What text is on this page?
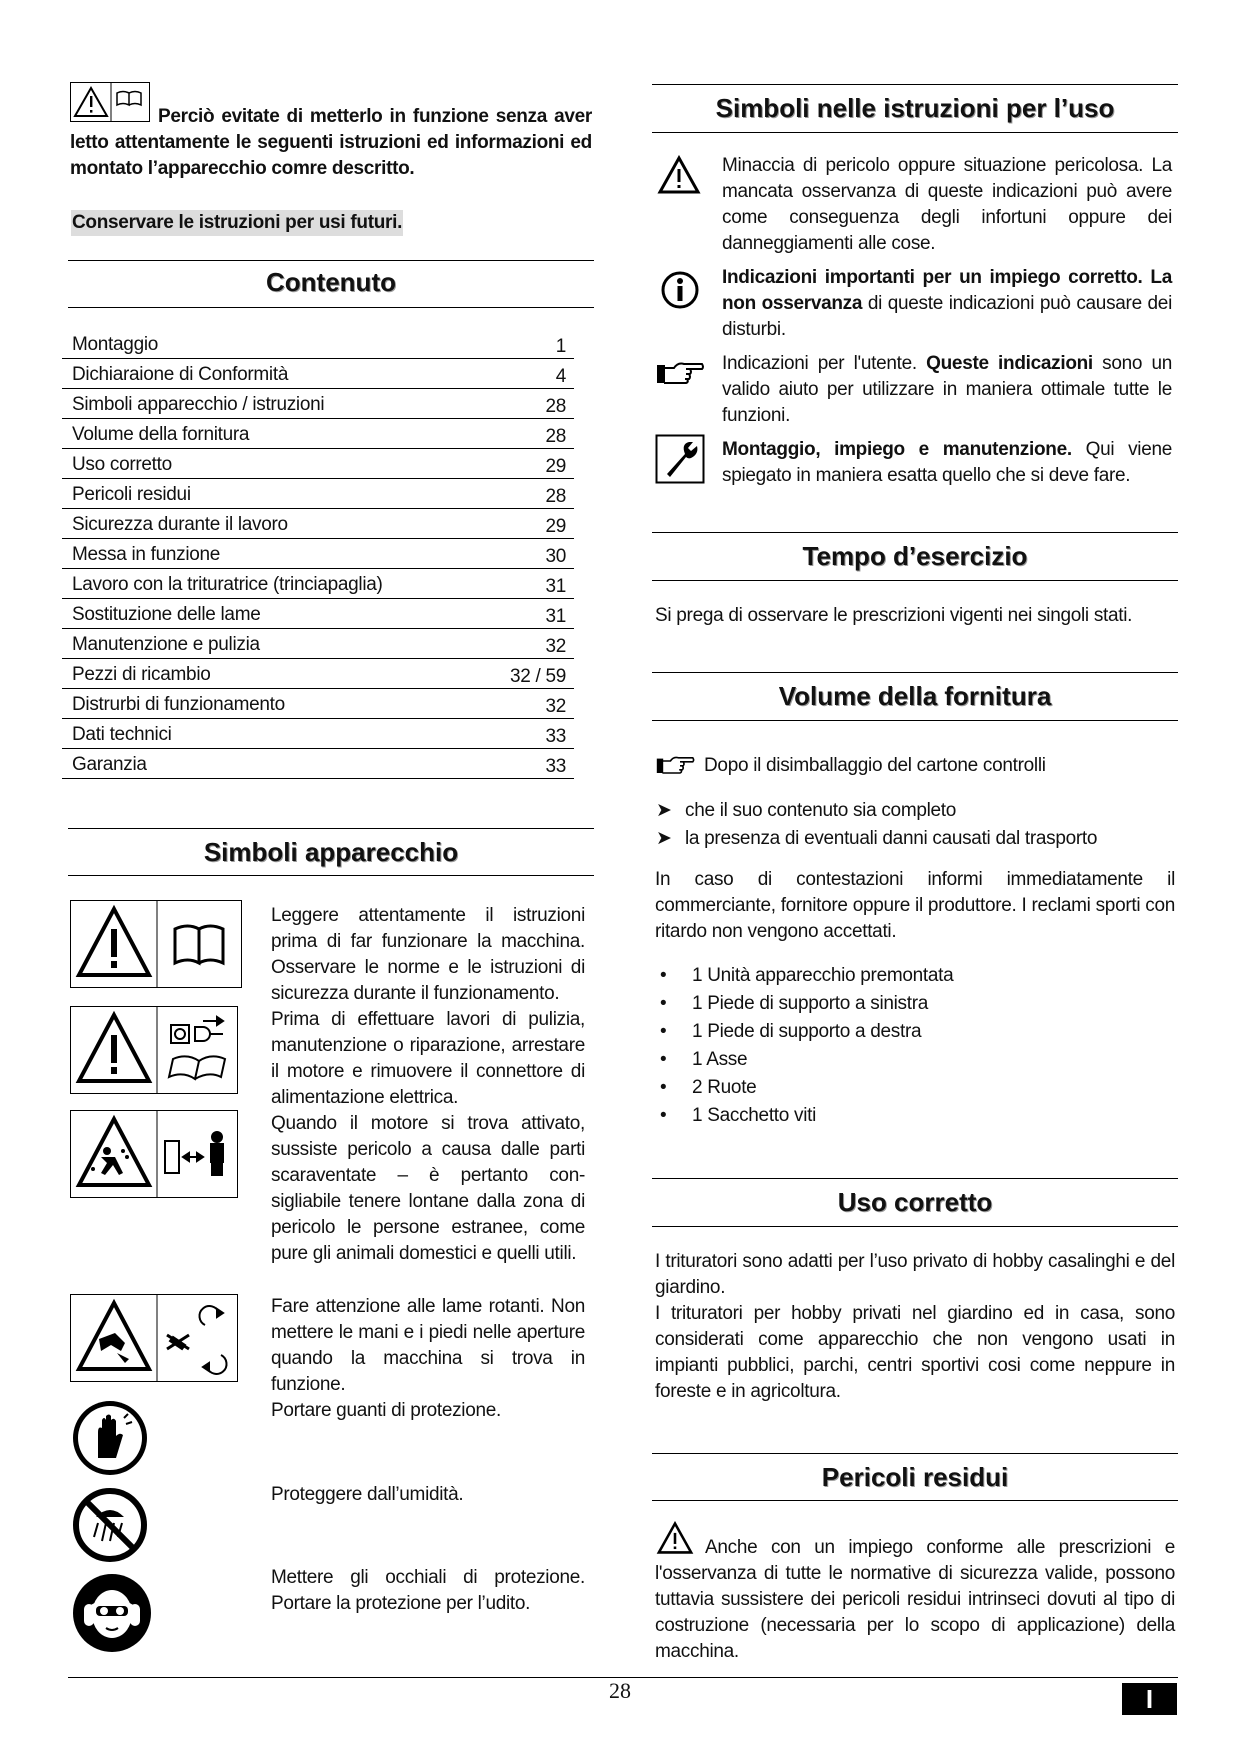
Perciò evitate di metterlo in funzione senza aver letto attentamente le seguenti istruzioni ed informazioni ed montato l’apparecchio comre descritto.
Conservare le istruzioni per usi futuri.
Contenuto
Montaggio	1
Dichiaraione di Conformità	4
Simboli apparecchio / istruzioni	28
Volume della fornitura	28
Uso corretto	29
Pericoli residui	28
Sicurezza durante il lavoro	29
Messa in funzione	30
Lavoro con la trituratrice (trinciapaglia)	31
Sostituzione delle lame	31
Manutenzione e pulizia	32
Pezzi di ricambio	32 / 59
Distrurbi di funzionamento	32
Dati technici	33
Garanzia	33
Simboli apparecchio
Leggere attentamente il istruzioni prima di far funzionare la macchina. Osservare le norme e le istruzioni di sicurezza durante il funzionamento.
Prima di effettuare lavori di pulizia, manutenzione o riparazione, arrestare il motore e rimuovere il connettore di alimentazione elettrica.
Quando il motore si trova attivato, sussiste pericolo a causa dalle parti scaraventate – è pertanto con-sigliabile tenere lontane dalla zona di pericolo le persone estranee, come pure gli animali domestici e quelli utili.
Fare attenzione alle lame rotanti. Non mettere le mani e i piedi nelle aperture quando la macchina si trova in funzione.
Portare guanti di protezione.
Proteggere dall’umidità.
Mettere gli occhiali di protezione. Portare la protezione per l’udito.
Simboli nelle istruzioni per l’uso
Minaccia di pericolo oppure situazione pericolosa. La mancata osservanza di queste indicazioni può avere come conseguenza degli infortuni oppure dei danneggiamenti alle cose.
Indicazioni importanti per un impiego corretto. La non osservanza di queste indicazioni può causare dei disturbi.
Indicazioni per l'utente. Queste indicazioni sono un valido aiuto per utilizzare in maniera ottimale tutte le funzioni.
Montaggio, impiego e manutenzione. Qui viene spiegato in maniera esatta quello che si deve fare.
Tempo d’esercizio
Si prega di osservare le prescrizioni vigenti nei singoli stati.
Volume della fornitura
Dopo il disimballaggio del cartone controlli
➤ che il suo contenuto sia completo
➤ la presenza di eventuali danni causati dal trasporto
In caso di contestazioni informi immediatamente il commerciante, fornitore oppure il produttore. I reclami sporti con ritardo non vengono accettati.
• 1 Unità apparecchio premontata
• 1 Piede di supporto a sinistra
• 1 Piede di supporto a destra
• 1 Asse
• 2 Ruote
• 1 Sacchetto viti
Uso corretto
I trituratori sono adatti per l’uso privato di hobby casalinghi e del giardino.
I trituratori per hobby privati nel giardino ed in casa, sono considerati come apparecchio che non vengono usati in impianti pubblici, parchi, centri sportivi cosi come neppure in foreste e in agricoltura.
Pericoli residui
Anche con un impiego conforme alle prescrizioni e l'osservanza di tutte le normative di sicurezza valide, possono tuttavia sussistere dei pericoli residui intrinseci dovuti al tipo di costruzione (necessaria per lo scopo di applicazione) della macchina.
28	I
